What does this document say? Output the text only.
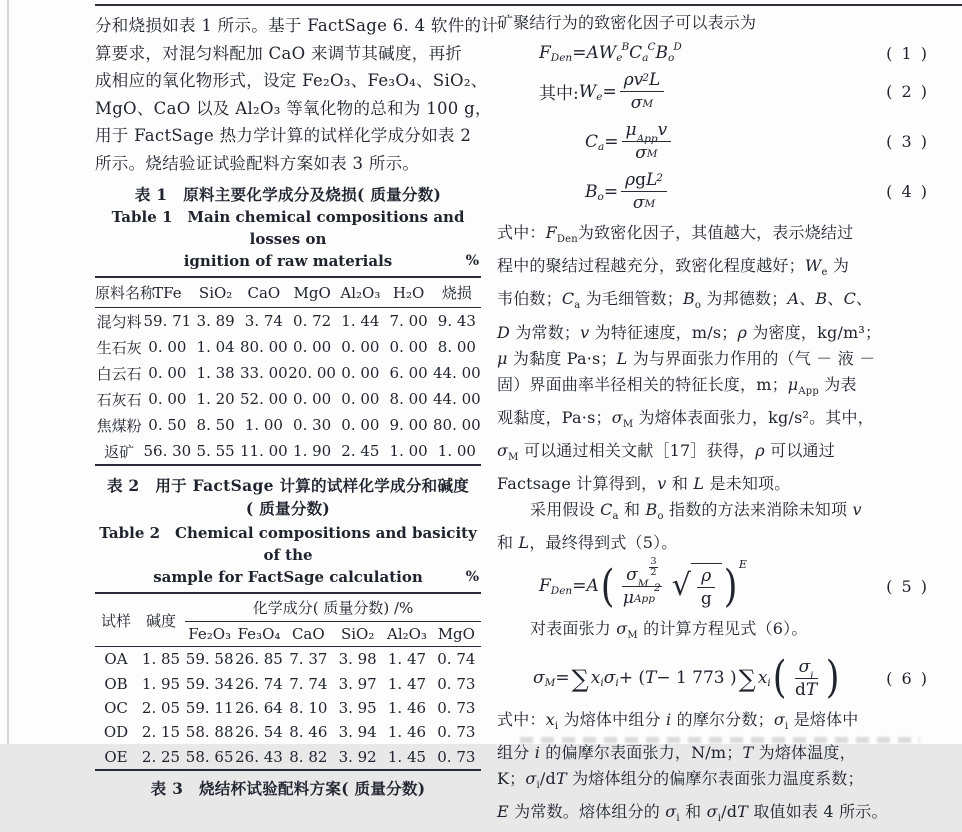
分和烧损如表 1 所示。基于 FactSage 6. 4 软件的计
算要求，对混匀料配加 CaO 来调节其碱度，再折
成相应的氧化物形式，设定 Fe₂O₃、Fe₃O₄、SiO₂、
MgO、CaO 以及 Al₂O₃ 等氧化物的总和为 100 g，
用于 FactSage 热力学计算的试样化学成分如表 2
所示。烧结验证试验配料方案如表 3 所示。
表 1　原料主要化学成分及烧损( 质量分数)
Table 1　Main chemical compositions and losses on
ignition of raw materials	%
原料名称	TFe	SiO₂	CaO	MgO	Al₂O₃	H₂O	烧损
混匀料	59. 71	3. 89	3. 74	0. 72	1. 44	7. 00	9. 43
生石灰	0. 00	1. 04	80. 00	0. 00	0. 00	0. 00	8. 00
白云石	0. 00	1. 38	33. 00	20. 00	0. 00	6. 00	44. 00
石灰石	0. 00	1. 20	52. 00	0. 00	0. 00	8. 00	44. 00
焦煤粉	0. 50	8. 50	1. 00	0. 30	0. 00	9. 00	80. 00
返矿	56. 30	5. 55	11. 00	1. 90	2. 45	1. 00	1. 00
表 2　用于 FactSage 计算的试样化学成分和碱度
( 质量分数)
Table 2　Chemical compositions and basicity of the
sample for FactSage calculation	%
试样	碱度	化学成分( 质量分数) /%					
		Fe₂O₃	Fe₃O₄	CaO	SiO₂	Al₂O₃	MgO
OA	1. 85	59. 58	26. 85	7. 37	3. 98	1. 47	0. 74
OB	1. 95	59. 34	26. 74	7. 74	3. 97	1. 47	0. 73
OC	2. 05	59. 11	26. 64	8. 10	3. 95	1. 46	0. 73
OD	2. 15	58. 88	26. 54	8. 46	3. 94	1. 46	0. 73
OE	2. 25	58. 65	26. 43	8. 82	3. 92	1. 45	0. 73
表 3　烧结杯试验配料方案( 质量分数)
矿聚结行为的致密化因子可以表示为
F Den = A W e
B C a
C B o
D	( 1 )
其中: W $e = \frac{\rho v 2 L}{\text{σ M}}$	( 2 )
C $a = \frac{\text{μ App v}}{\text{σ M}}$	( 3 )
B $o = \frac{\text{ρ g L 2}}{\text{σ M}}$	( 4 )
式中：$F_{Den}$为致密化因子，其值越大，表示烧结过
程中的聚结过程越充分，致密化程度越好；$W_e$ 为
韦伯数；$C_a$ 为毛细管数；$B_o$ 为邦德数；A、B、C、
D 为常数；v 为特征速度，m/s；ρ 为密度，kg/m³；
μ 为黏度 Pa·s；L 为与界面张力作用的（气 － 液 －
固）界面曲率半径相关的特征长度，m；$\mu_{App}$ 为表
观黏度，Pa·s；$\sigma_M$ 为熔体表面张力，kg/s²。其中，
$\sigma_M$ 可以通过相关文献［17］获得，ρ 可以通过
Factsage 计算得到，v 和 L 是未知项。
采用假设 $C_a$ 和 $B_o$ 指数的方法来消除未知项 v
和 L，最终得到式（5）。
F Den = A ( σ M
3
2
μ App
2 √ $\frac{\rho}{g}$ ) E
( 5 )
对表面张力 $\sigma_M$ 的计算方程见式（6）。
σ M = ∑ x i σ i + ( T − 1 773 ) ∑ x i ( $\frac{\text{σ i}}{\text{d T}}$ )	( 6 )
式中：$x_i$ 为熔体中组分 i 的摩尔分数；$\sigma_i$ 是熔体中
组分 i 的偏摩尔表面张力，N/m；T 为熔体温度，
K；$\sigma_i/dT$ 为熔体组分的偏摩尔表面张力温度系数；
E 为常数。熔体组分的 $\sigma_i$ 和 $\sigma_i/dT$ 取值如表 4 所示。
